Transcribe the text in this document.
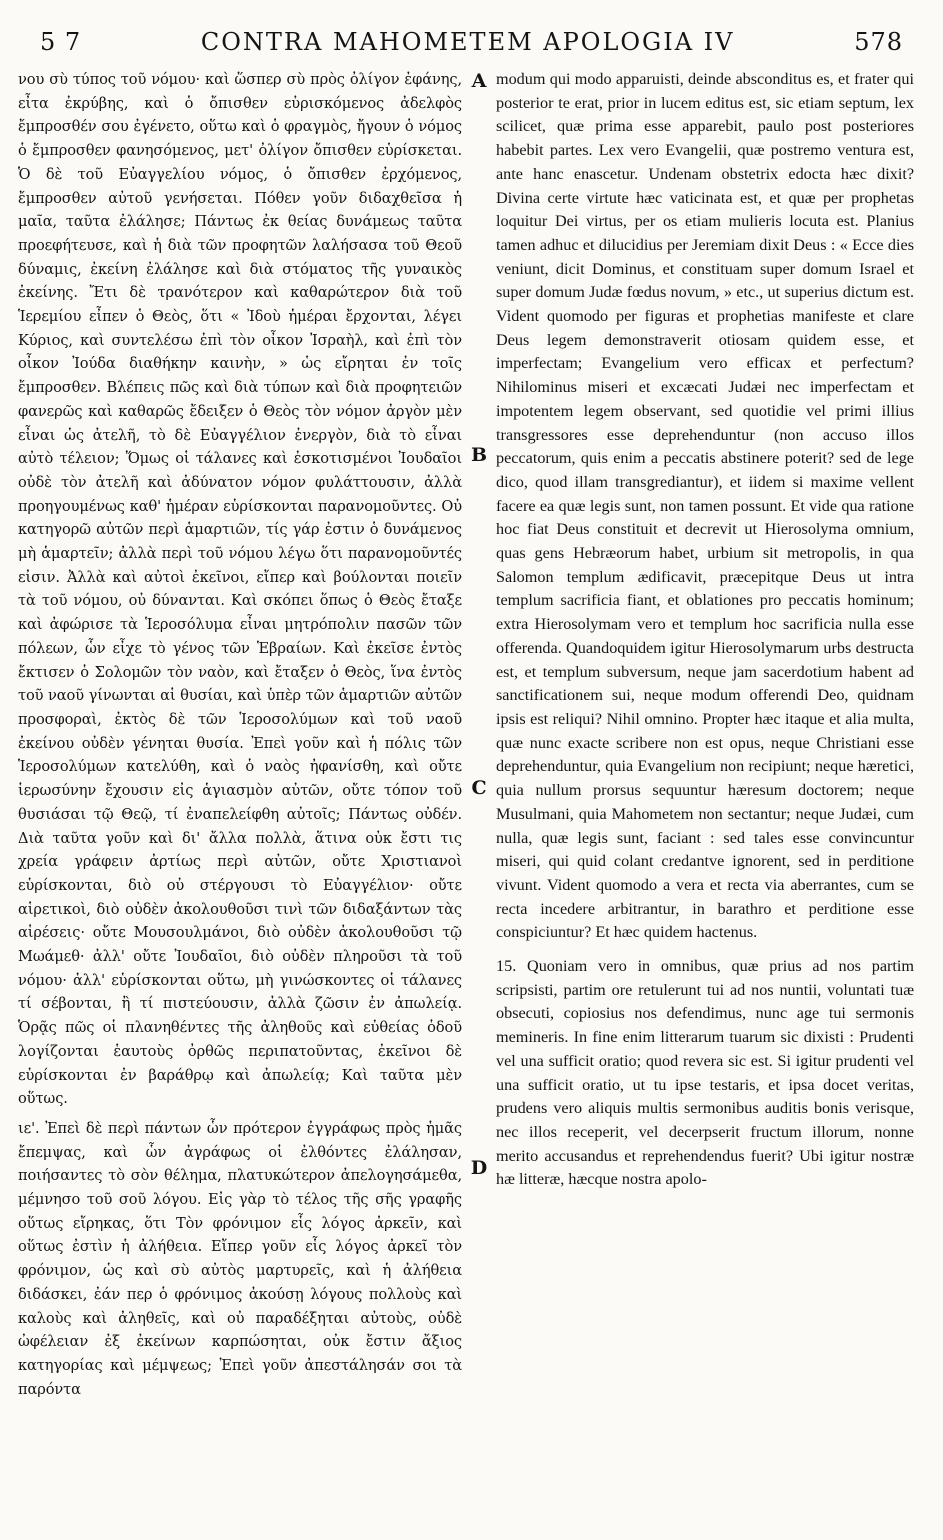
5 7	CONTRA MAHOMETEM APOLOGIA IV	578

νου σὺ τύπος τοῦ νόμου· καὶ ὥσπερ σὺ πρὸς ὀλίγον ἐφάνης, εἶτα ἐκρύβης, καὶ ὁ ὄπισθεν εὑρισκόμενος ἀδελφὸς ἔμπροσθέν σου ἐγένετο, οὕτω καὶ ὁ φραγμὸς, ἤγουν ὁ νόμος ὁ ἔμπροσθεν φανησόμενος, μετ' ὀλίγον ὄπισθεν εὑρίσκεται. Ὁ δὲ τοῦ Εὐαγγελίου νόμος, ὁ ὄπισθεν ἐρχόμενος, ἔμπροσθεν αὐτοῦ γενήσεται. Πόθεν γοῦν διδαχθεῖσα ἡ μαῖα, ταῦτα ἐλάλησε; Πάντως ἐκ θείας δυνάμεως ταῦτα προεφήτευσε, καὶ ἡ διὰ τῶν προφητῶν λαλήσασα τοῦ Θεοῦ δύναμις, ἐκείνη ἐλάλησε καὶ διὰ στόματος τῆς γυναικὸς ἐκείνης. Ἔτι δὲ τρανότερον καὶ καθαρώτερον διὰ τοῦ Ἱερεμίου εἶπεν ὁ Θεὸς, ὅτι « Ἰδοὺ ἡμέραι ἔρχονται, λέγει Κύριος, καὶ συντελέσω ἐπὶ τὸν οἶκον Ἰσραὴλ, καὶ ἐπὶ τὸν οἶκον Ἰούδα διαθήκην καινὴν, » ὡς εἴρηται ἐν τοῖς ἔμπροσθεν. Βλέπεις πῶς καὶ διὰ τύπων καὶ διὰ προφητειῶν φανερῶς καὶ καθαρῶς ἔδειξεν ὁ Θεὸς τὸν νόμον ἀργὸν μὲν εἶναι ὡς ἀτελῆ, τὸ δὲ Εὐαγγέλιον ἐνεργὸν, διὰ τὸ εἶναι αὐτὸ τέλειον; Ὅμως οἱ τάλανες καὶ ἐσκοτισμένοι Ἰουδαῖοι οὐδὲ τὸν ἀτελῆ καὶ ἀδύνατον νόμον φυλάττουσιν, ἀλλὰ προηγουμένως καθ' ἡμέραν εὑρίσκονται παρανομοῦντες. Οὐ κατηγορῶ αὐτῶν περὶ ἁμαρτιῶν, τίς γάρ ἐστιν ὁ δυνάμενος μὴ ἁμαρτεῖν; ἀλλὰ περὶ τοῦ νόμου λέγω ὅτι παρανομοῦντές εἰσιν. Ἀλλὰ καὶ αὐτοὶ ἐκεῖνοι, εἴπερ καὶ βούλονται ποιεῖν τὰ τοῦ νόμου, οὐ δύνανται. Καὶ σκόπει ὅπως ὁ Θεὸς ἔταξε καὶ ἀφώρισε τὰ Ἱεροσόλυμα εἶναι μητρόπολιν πασῶν τῶν πόλεων, ὧν εἶχε τὸ γένος τῶν Ἑβραίων. Καὶ ἐκεῖσε ἐντὸς ἔκτισεν ὁ Σολομῶν τὸν ναὸν, καὶ ἔταξεν ὁ Θεὸς, ἵνα ἐντὸς τοῦ ναοῦ γίνωνται αἱ θυσίαι, καὶ ὑπὲρ τῶν ἁμαρτιῶν αὐτῶν προσφοραὶ, ἐκτὸς δὲ τῶν Ἱεροσολύμων καὶ τοῦ ναοῦ ἐκείνου οὐδὲν γένηται θυσία. Ἐπεὶ γοῦν καὶ ἡ πόλις τῶν Ἱεροσολύμων κατελύθη, καὶ ὁ ναὸς ἠφανίσθη, καὶ οὔτε ἱερωσύνην ἔχουσιν εἰς ἁγιασμὸν αὐτῶν, οὔτε τόπον τοῦ θυσιάσαι τῷ Θεῷ, τί ἐναπελείφθη αὐτοῖς; Πάντως οὐδέν. Διὰ ταῦτα γοῦν καὶ δι' ἄλλα πολλὰ, ἅτινα οὐκ ἔστι τις χρεία γράφειν ἀρτίως περὶ αὐτῶν, οὔτε Χριστιανοὶ εὑρίσκονται, διὸ οὐ στέργουσι τὸ Εὐαγγέλιον· οὔτε αἱρετικοὶ, διὸ οὐδὲν ἀκολουθοῦσι τινὶ τῶν διδαξάντων τὰς αἱρέσεις· οὔτε Μουσουλμάνοι, διὸ οὐδὲν ἀκολουθοῦσι τῷ Μωάμεθ· ἀλλ' οὔτε Ἰουδαῖοι, διὸ οὐδὲν πληροῦσι τὰ τοῦ νόμου· ἀλλ' εὑρίσκονται οὕτω, μὴ γινώσκοντες οἱ τάλανες τί σέβονται, ἢ τί πιστεύουσιν, ἀλλὰ ζῶσιν ἐν ἀπωλείᾳ. Ὁρᾷς πῶς οἱ πλανηθέντες τῆς ἀληθοῦς καὶ εὐθείας ὁδοῦ λογίζονται ἑαυτοὺς ὀρθῶς περιπατοῦντας, ἐκεῖνοι δὲ εὑρίσκονται ἐν βαράθρῳ καὶ ἀπωλείᾳ; Καὶ ταῦτα μὲν οὕτως.

ιε'. Ἐπεὶ δὲ περὶ πάντων ὧν πρότερον ἐγγράφως πρὸς ἡμᾶς ἔπεμψας, καὶ ὧν ἀγράφως οἱ ἐλθόντες ἐλάλησαν, ποιήσαντες τὸ σὸν θέλημα, πλατυκώτερον ἀπελογησάμεθα, μέμνησο τοῦ σοῦ λόγου. Εἰς γὰρ τὸ τέλος τῆς σῆς γραφῆς οὕτως εἴρηκας, ὅτι Τὸν φρόνιμον εἷς λόγος ἀρκεῖν, καὶ οὕτως ἐστὶν ἡ ἀλήθεια. Εἴπερ γοῦν εἷς λόγος ἀρκεῖ τὸν φρόνιμον, ὡς καὶ σὺ αὐτὸς μαρτυρεῖς, καὶ ἡ ἀλήθεια διδάσκει, ἐάν περ ὁ φρόνιμος ἀκούσῃ λόγους πολλοὺς καὶ καλοὺς καὶ ἀληθεῖς, καὶ οὐ παραδέξηται αὐτοὺς, οὐδὲ ὠφέλειαν ἐξ ἐκείνων καρπώσηται, οὐκ ἔστιν ἄξιος κατηγορίας καὶ μέμψεως; Ἐπεὶ γοῦν ἀπεστάλησάν σοι τὰ παρόντα

A
B
C
D

modum qui modo apparuisti, deinde absconditus es, et frater qui posterior te erat, prior in lucem editus est, sic etiam septum, lex scilicet, quæ prima esse apparebit, paulo post posteriores habebit partes. Lex vero Evangelii, quæ postremo ventura est, ante hanc enascetur. Undenam obstetrix edocta hæc dixit? Divina certe virtute hæc vaticinata est, et quæ per prophetas loquitur Dei virtus, per os etiam mulieris locuta est. Planius tamen adhuc et dilucidius per Jeremiam dixit Deus : « Ecce dies veniunt, dicit Dominus, et constituam super domum Israel et super domum Judæ fœdus novum, » etc., ut superius dictum est. Vident quomodo per figuras et prophetias manifeste et clare Deus legem demonstraverit otiosam quidem esse, et imperfectam; Evangelium vero efficax et perfectum? Nihilominus miseri et excæcati Judæi nec imperfectam et impotentem legem observant, sed quotidie vel primi illius transgressores esse deprehenduntur (non accuso illos peccatorum, quis enim a peccatis abstinere poterit? sed de lege dico, quod illam transgrediantur), et iidem si maxime vellent facere ea quæ legis sunt, non tamen possunt. Et vide qua ratione hoc fiat Deus constituit et decrevit ut Hierosolyma omnium, quas gens Hebræorum habet, urbium sit metropolis, in qua Salomon templum ædificavit, præcepitque Deus ut intra templum sacrificia fiant, et oblationes pro peccatis hominum; extra Hierosolymam vero et templum hoc sacrificia nulla esse offerenda. Quandoquidem igitur Hierosolymarum urbs destructa est, et templum subversum, neque jam sacerdotium habent ad sanctificationem sui, neque modum offerendi Deo, quidnam ipsis est reliqui? Nihil omnino. Propter hæc itaque et alia multa, quæ nunc exacte scribere non est opus, neque Christiani esse deprehenduntur, quia Evangelium non recipiunt; neque hæretici, quia nullum prorsus sequuntur hæresum doctorem; neque Musulmani, quia Mahometem non sectantur; neque Judæi, cum nulla, quæ legis sunt, faciant : sed tales esse convincuntur miseri, qui quid colant credantve ignorent, sed in perditione vivunt. Vident quomodo a vera et recta via aberrantes, cum se recta incedere arbitrantur, in barathro et perditione esse conspiciuntur? Et hæc quidem hactenus.

15. Quoniam vero in omnibus, quæ prius ad nos partim scripsisti, partim ore retulerunt tui ad nos nuntii, voluntati tuæ obsecuti, copiosius nos defendimus, nunc age tui sermonis memineris. In fine enim litterarum tuarum sic dixisti : Prudenti vel una sufficit oratio; quod revera sic est. Si igitur prudenti vel una sufficit oratio, ut tu ipse testaris, et ipsa docet veritas, prudens vero aliquis multis sermonibus auditis bonis verisque, nec illos receperit, vel decerpserit fructum illorum, nonne merito accusandus et reprehendendus fuerit? Ubi igitur nostræ hæ litteræ, hæcque nostra apolo-
